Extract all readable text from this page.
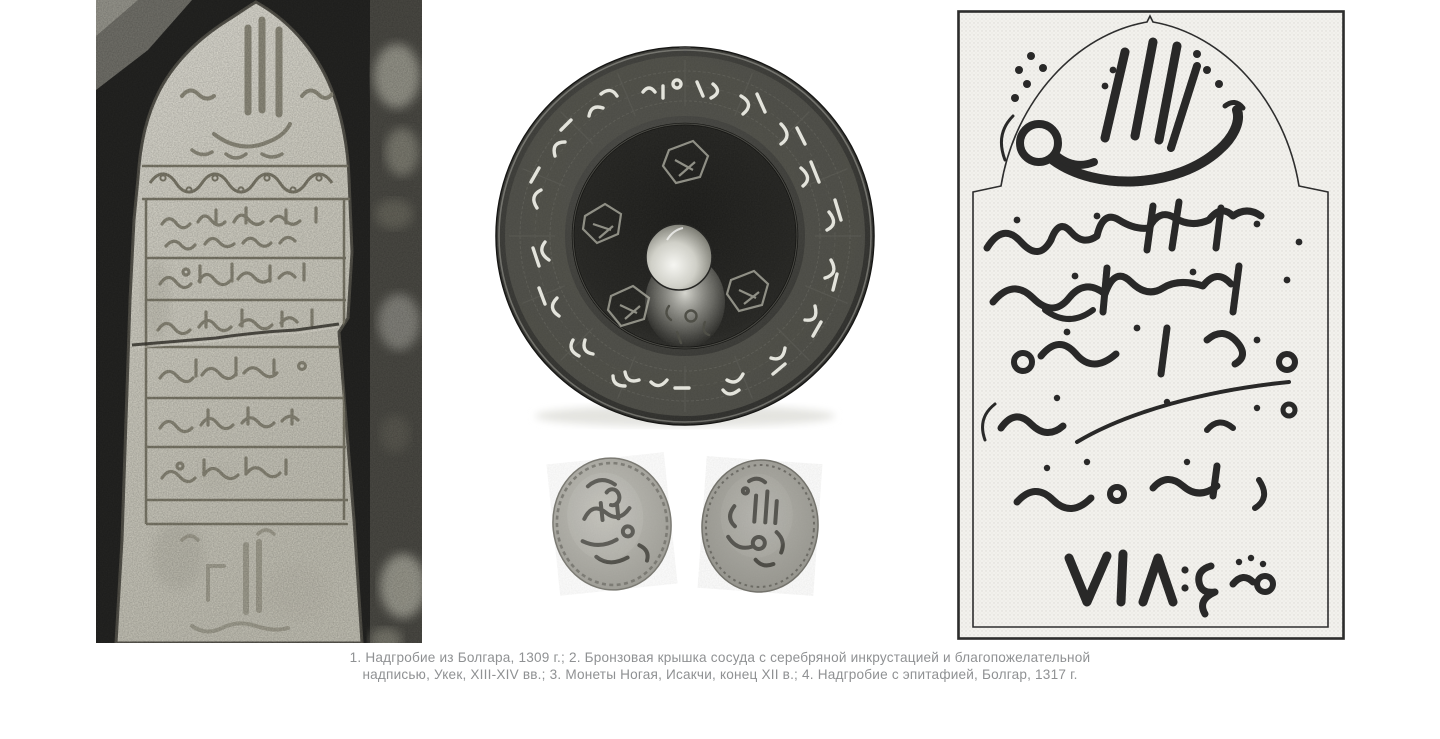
1. Надгробие из Болгара, 1309 г.; 2. Бронзовая крышка сосуда с серебряной инкрустацией и благопожелательной
надписью, Укек, XIII-XIV вв.; 3. Монеты Ногая, Исакчи, конец XII в.; 4. Надгробие с эпитафией, Болгар, 1317 г.
